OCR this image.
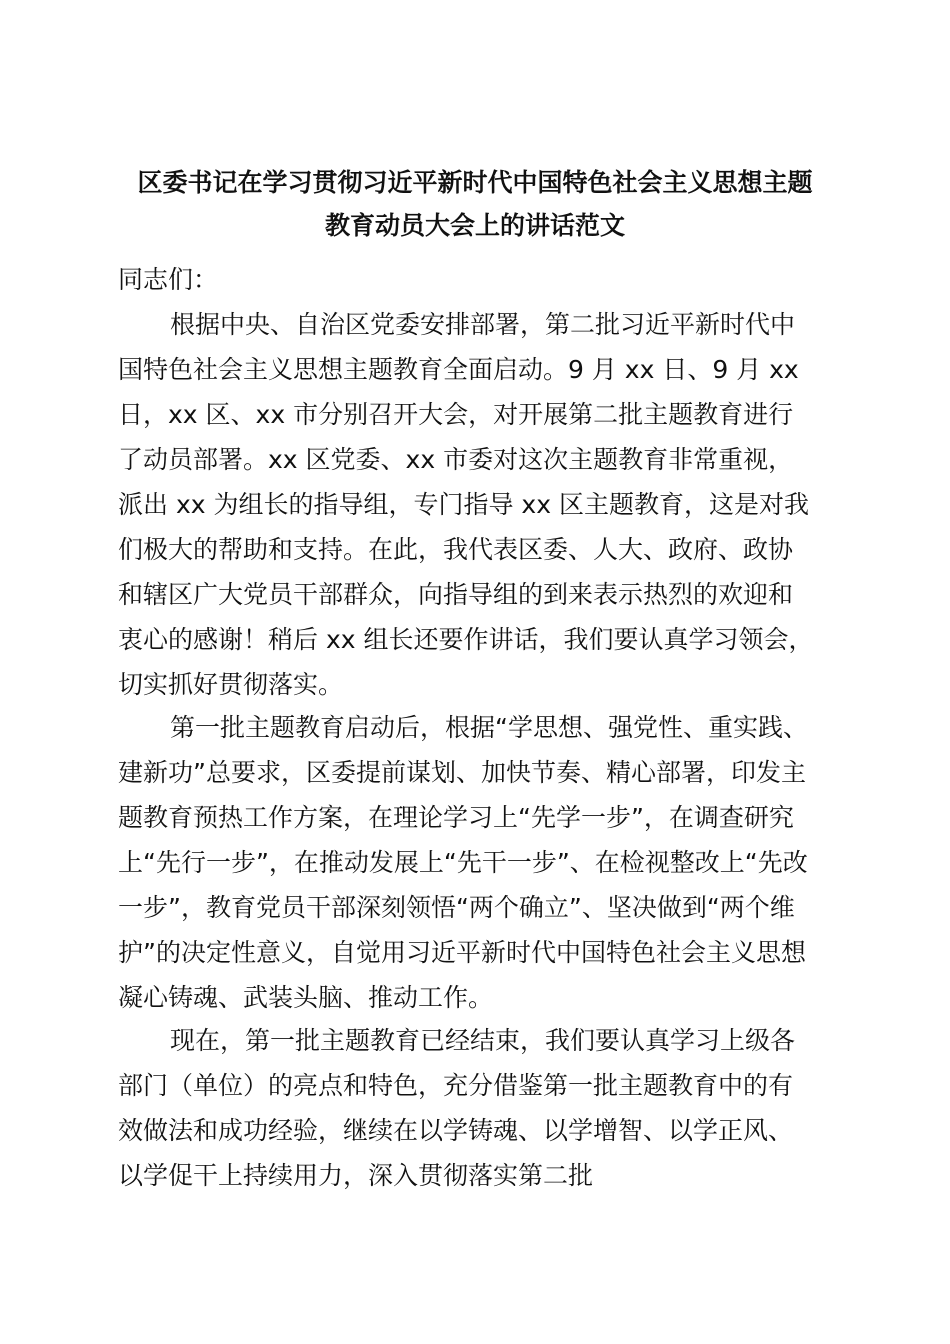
区委书记在学习贯彻习近平新时代中国特色社会主义思想主题
教育动员大会上的讲话范文
同志们：
根据中央、自治区党委安排部署，第二批习近平新时代中
国特色社会主义思想主题教育全面启动。9 月 xx 日、9 月 xx
日，xx 区、xx 市分别召开大会，对开展第二批主题教育进行
了动员部署。xx 区党委、xx 市委对这次主题教育非常重视，
派出 xx 为组长的指导组，专门指导 xx 区主题教育，这是对我
们极大的帮助和支持。在此，我代表区委、人大、政府、政协
和辖区广大党员干部群众，向指导组的到来表示热烈的欢迎和
衷心的感谢！稍后 xx 组长还要作讲话，我们要认真学习领会，
切实抓好贯彻落实。
第一批主题教育启动后，根据“学思想、强党性、重实践、
建新功”总要求，区委提前谋划、加快节奏、精心部署，印发主
题教育预热工作方案，在理论学习上“先学一步”，在调查研究
上“先行一步”，在推动发展上“先干一步”、在检视整改上“先改
一步”，教育党员干部深刻领悟“两个确立”、坚决做到“两个维
护”的决定性意义，自觉用习近平新时代中国特色社会主义思想
凝心铸魂、武装头脑、推动工作。
现在，第一批主题教育已经结束，我们要认真学习上级各
部门（单位）的亮点和特色，充分借鉴第一批主题教育中的有
效做法和成功经验，继续在以学铸魂、以学增智、以学正风、
以学促干上持续用力，深入贯彻落实第二批
